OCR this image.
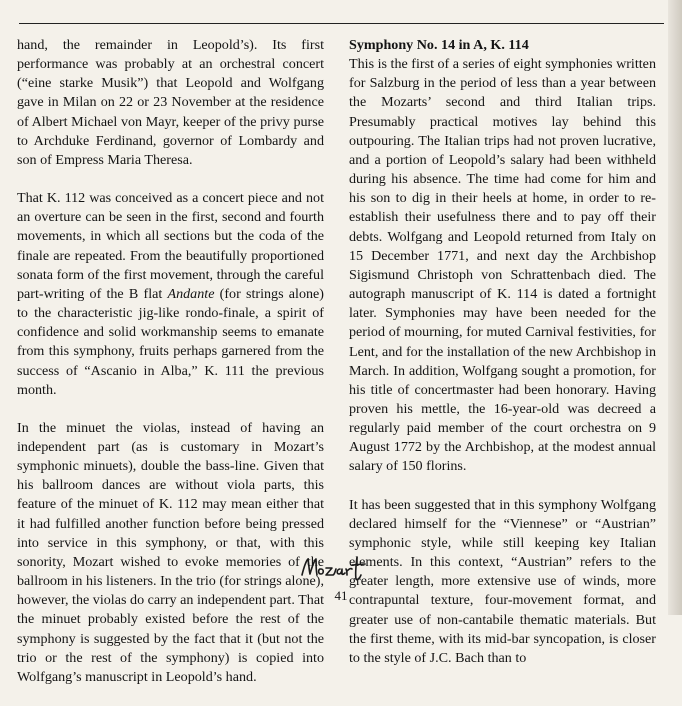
hand, the remainder in Leopold’s). Its first performance was probably at an orchestral concert (“eine starke Musik”) that Leopold and Wolfgang gave in Milan on 22 or 23 November at the residence of Albert Michael von Mayr, keeper of the privy purse to Archduke Ferdinand, governor of Lombardy and son of Empress Maria Theresa.

That K. 112 was conceived as a concert piece and not an overture can be seen in the first, second and fourth movements, in which all sections but the coda of the finale are repeated. From the beautifully proportioned sonata form of the first movement, through the careful part-writing of the B flat Andante (for strings alone) to the characteristic jig-like rondo-finale, a spirit of confidence and solid workmanship seems to emanate from this symphony, fruits perhaps garnered from the success of “Ascanio in Alba,” K. 111 the previous month.

In the minuet the violas, instead of having an independent part (as is customary in Mozart’s symphonic minuets), double the bass-line. Given that his ballroom dances are without viola parts, this feature of the minuet of K. 112 may mean either that it had fulfilled another function before being pressed into service in this symphony, or that, with this sonority, Mozart wished to evoke memories of the ballroom in his listeners. In the trio (for strings alone), however, the violas do carry an independent part. That the minuet probably existed before the rest of the symphony is suggested by the fact that it (but not the trio or the rest of the symphony) is copied into Wolfgang’s manuscript in Leopold’s hand.

Symphony No. 14 in A, K. 114

This is the first of a series of eight symphonies written for Salzburg in the period of less than a year between the Mozarts’ second and third Italian trips. Presumably practical motives lay behind this outpouring. The Italian trips had not proven lucrative, and a portion of Leopold’s salary had been withheld during his absence. The time had come for him and his son to dig in their heels at home, in order to re-establish their usefulness there and to pay off their debts. Wolfgang and Leopold returned from Italy on 15 December 1771, and next day the Archbishop Sigismund Christoph von Schrattenbach died. The autograph manuscript of K. 114 is dated a fortnight later. Symphonies may have been needed for the period of mourning, for muted Carnival festivities, for Lent, and for the installation of the new Archbishop in March. In addition, Wolfgang sought a promotion, for his title of concertmaster had been honorary. Having proven his mettle, the 16-year-old was decreed a regularly paid member of the court orchestra on 9 August 1772 by the Archbishop, at the modest annual salary of 150 florins.

It has been suggested that in this symphony Wolfgang declared himself for the “Viennese” or “Austrian” symphonic style, while still keeping key Italian elements. In this context, “Austrian” refers to the greater length, more extensive use of winds, more contrapuntal texture, four-movement format, and greater use of non-cantabile thematic materials. But the first theme, with its mid-bar syncopation, is closer to the style of J.C. Bach than to

41
